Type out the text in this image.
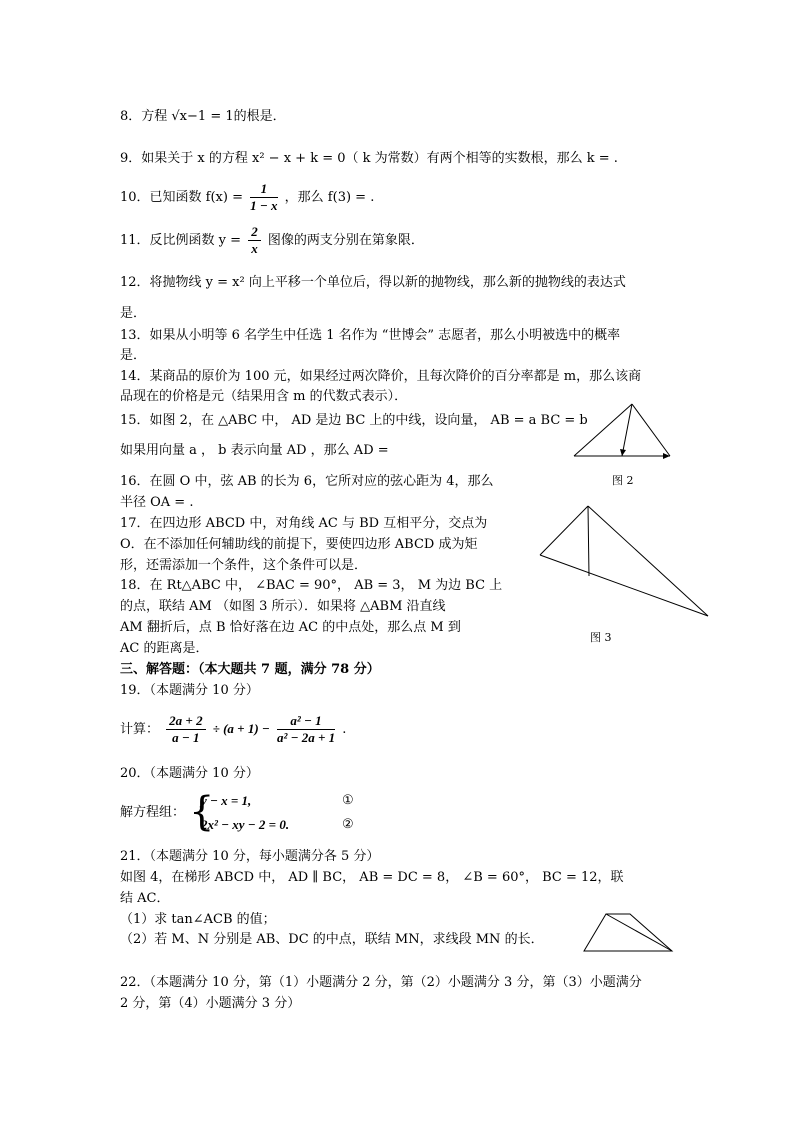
8．方程 √x−1 = 1的根是．
9．如果关于 x 的方程 x² − x + k = 0（ k 为常数）有两个相等的实数根，那么 k = .
10．已知函数 $f(x) = \frac{1}{1 - x}$ ，那么 f(3) = .
11．反比例函数 $y = \frac{2}{x}$ 图像的两支分别在第象限．
12．将抛物线 y = x² 向上平移一个单位后，得以新的抛物线，那么新的抛物线的表达式
是．
13．如果从小明等 6 名学生中任选 1 名作为 “世博会” 志愿者，那么小明被选中的概率
是．
14．某商品的原价为 100 元，如果经过两次降价，且每次降价的百分率都是 m，那么该商
品现在的价格是元（结果用含 m 的代数式表示）．
15．如图 2，在 △ABC 中， AD 是边 BC 上的中线，设向量， AB = a BC = b
如果用向量 a ， b 表示向量 AD ，那么 AD =
图 2
16．在圆 O 中，弦 AB 的长为 6，它所对应的弦心距为 4，那么
半径 OA = .
17．在四边形 ABCD 中，对角线 AC 与 BD 互相平分，交点为
O．在不添加任何辅助线的前提下，要使四边形 ABCD 成为矩
形，还需添加一个条件，这个条件可以是．
图 3
18．在 Rt△ABC 中， ∠BAC = 90°， AB = 3， M 为边 BC 上
的点，联结 AM （如图 3 所示）．如果将 △ABM 沿直线
AM 翻折后，点 B 恰好落在边 AC 的中点处，那么点 M 到
AC 的距离是．
三、解答题：（本大题共 7 题，满分 78 分）
19．（本题满分 10 分）
计算： $\frac{2a + 2}{a - 1} \div (a + 1) - \frac{\text{a² − 1}}{\text{a² − 2a + 1}}$ .
20．（本题满分 10 分）
解方程组： {
y − x = 1,
2x² − xy − 2 = 0.
①
②
21．（本题满分 10 分，每小题满分各 5 分）
如图 4，在梯形 ABCD 中， AD ∥ BC， AB = DC = 8， ∠B = 60°， BC = 12，联
结 AC．
（1）求 tan∠ACB 的值；
（2）若 M、N 分别是 AB、DC 的中点，联结 MN，求线段 MN 的长．
22．（本题满分 10 分，第（1）小题满分 2 分，第（2）小题满分 3 分，第（3）小题满分
2 分，第（4）小题满分 3 分）
